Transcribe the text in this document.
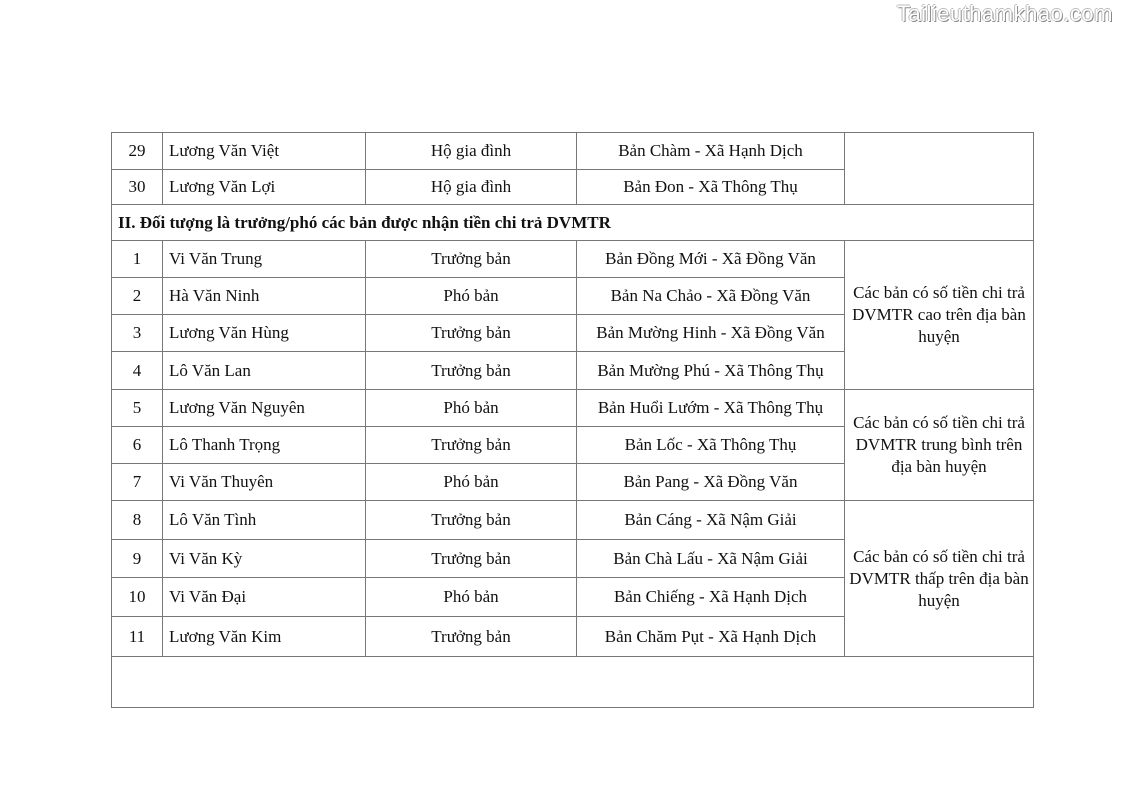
Tailieuthamkhao.com
29	Lương Văn Việt	Hộ gia đình	Bản Chàm - Xã Hạnh Dịch	
30	Lương Văn Lợi	Hộ gia đình	Bản Đon - Xã Thông Thụ	
II. Đối tượng là trưởng/phó các bản được nhận tiền chi trả DVMTR				
1	Vi Văn Trung	Trưởng bản	Bản Đồng Mới - Xã Đồng Văn	Các bản có số tiền chi trả DVMTR cao trên địa bàn huyện
2	Hà Văn Ninh	Phó bản	Bản Na Chảo - Xã Đồng Văn	
3	Lương Văn Hùng	Trưởng bản	Bản Mường Hinh - Xã Đồng Văn	
4	Lô Văn Lan	Trưởng bản	Bản Mường Phú - Xã Thông Thụ	
5	Lương Văn Nguyên	Phó bản	Bản Huổi Lướm - Xã Thông Thụ	Các bản có số tiền chi trả DVMTR trung bình trên địa bàn huyện
6	Lô Thanh Trọng	Trưởng bản	Bản Lốc - Xã Thông Thụ	
7	Vi Văn Thuyên	Phó bản	Bản Pang - Xã Đồng Văn	
8	Lô Văn Tình	Trưởng bản	Bản Cáng - Xã Nậm Giải	Các bản có số tiền chi trả DVMTR thấp trên địa bàn huyện
9	Vi Văn Kỳ	Trưởng bản	Bản Chà Lấu - Xã Nậm Giải	
10	Vi Văn Đại	Phó bản	Bản Chiếng - Xã Hạnh Dịch	
11	Lương Văn Kim	Trưởng bản	Bản Chăm Pụt - Xã Hạnh Dịch	
